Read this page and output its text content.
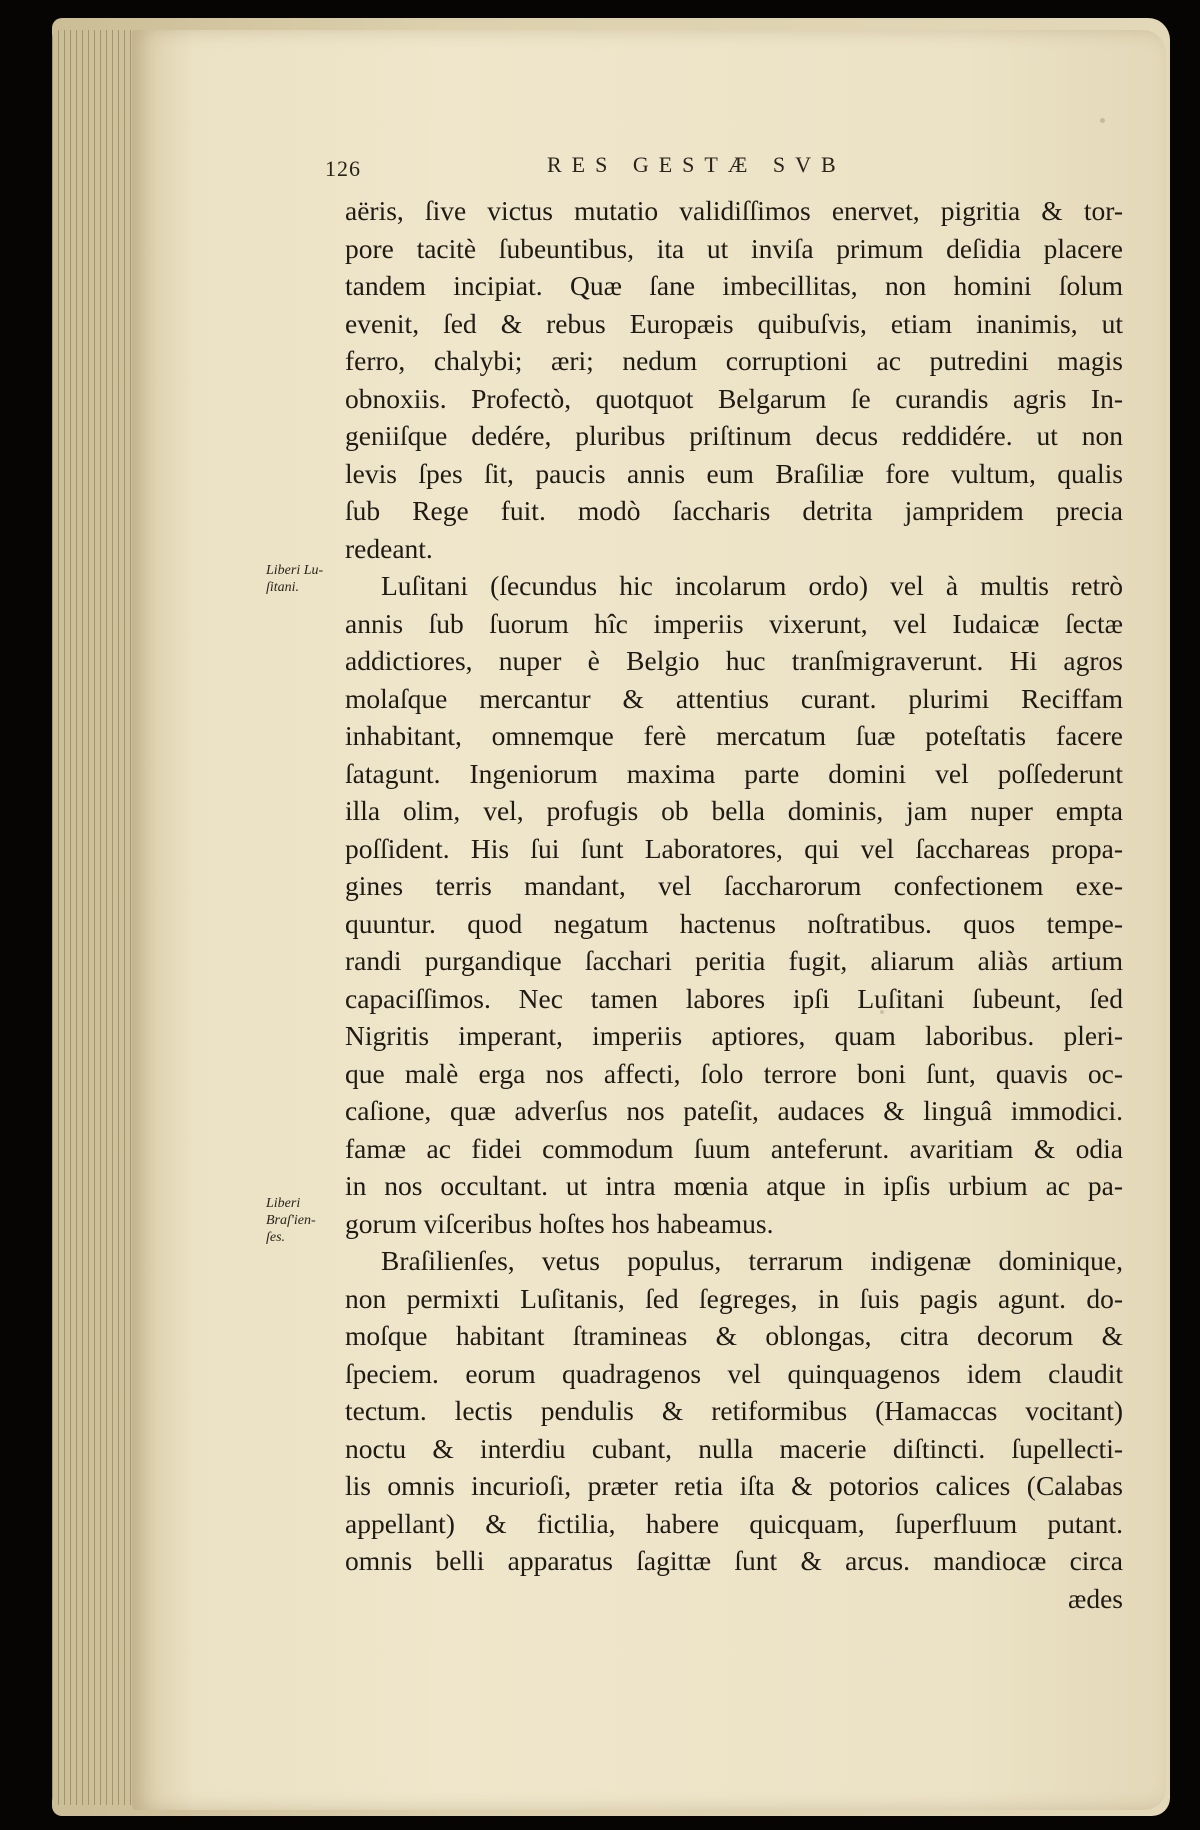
126	RES GESTÆ SVB
Liberi Lu-
ſitani.
Liberi
Braſ'ien-
ſes.
aëris, ſive victus mutatio validiſſimos enervet, pigritia & tor-
pore tacitè ſubeuntibus, ita ut inviſa primum deſidia placere
tandem incipiat. Quæ ſane imbecillitas, non homini ſolum
evenit, ſed & rebus Europæis quibuſvis, etiam inanimis, ut
ferro, chalybi; æri; nedum corruptioni ac putredini magis
obnoxiis. Profectò, quotquot Belgarum ſe curandis agris In-
geniiſque dedére, pluribus priſtinum decus reddidére. ut non
levis ſpes ſit, paucis annis eum Braſiliæ fore vultum, qualis
ſub Rege fuit. modò ſaccharis detrita jampridem precia
redeant.
Luſitani (ſecundus hic incolarum ordo) vel à multis retrò
annis ſub ſuorum hîc imperiis vixerunt, vel Iudaicæ ſectæ
addictiores, nuper è Belgio huc tranſmigraverunt. Hi agros
molaſque mercantur & attentius curant. plurimi Reciffam
inhabitant, omnemque ferè mercatum ſuæ poteſtatis facere
ſatagunt. Ingeniorum maxima parte domini vel poſſederunt
illa olim, vel, profugis ob bella dominis, jam nuper empta
poſſident. His ſui ſunt Laboratores, qui vel ſacchareas propa-
gines terris mandant, vel ſaccharorum confectionem exe-
quuntur. quod negatum hactenus noſtratibus. quos tempe-
randi purgandique ſacchari peritia fugit, aliarum aliàs artium
capaciſſimos. Nec tamen labores ipſi Luſitani ſubeunt, ſed
Nigritis imperant, imperiis aptiores, quam laboribus. pleri-
que malè erga nos affecti, ſolo terrore boni ſunt, quavis oc-
caſione, quæ adverſus nos pateſit, audaces & linguâ immodici.
famæ ac fidei commodum ſuum anteferunt. avaritiam & odia
in nos occultant. ut intra mœnia atque in ipſis urbium ac pa-
gorum viſceribus hoſtes hos habeamus.
Braſilienſes, vetus populus, terrarum indigenæ dominique,
non permixti Luſitanis, ſed ſegreges, in ſuis pagis agunt. do-
moſque habitant ſtramineas & oblongas, citra decorum &
ſpeciem. eorum quadragenos vel quinquagenos idem claudit
tectum. lectis pendulis & retiformibus (Hamaccas vocitant)
noctu & interdiu cubant, nulla macerie diſtincti. ſupellecti-
lis omnis incurioſi, præter retia iſta & potorios calices (Calabas
appellant) & fictilia, habere quicquam, ſuperfluum putant.
omnis belli apparatus ſagittæ ſunt & arcus. mandiocæ circa
ædes
